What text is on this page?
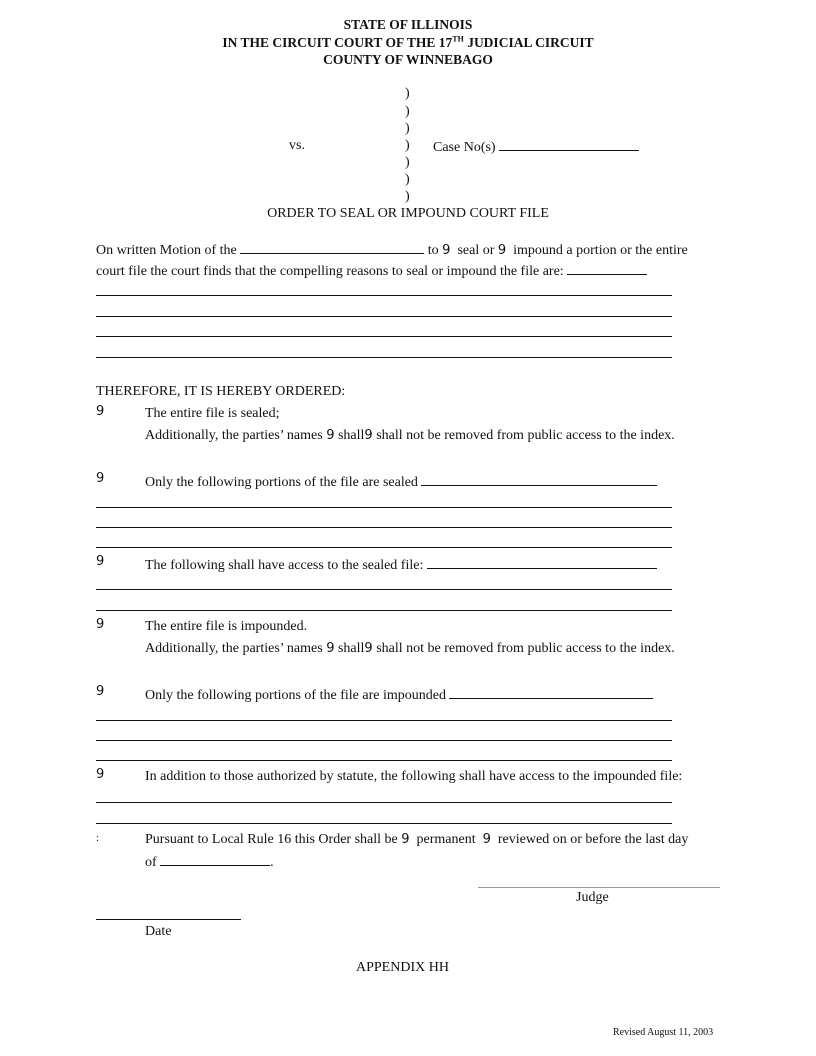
STATE OF ILLINOIS
IN THE CIRCUIT COURT OF THE 17TH JUDICIAL CIRCUIT
COUNTY OF WINNEBAGO
)
)
)
)
)
)
)
vs.	Case No(s)
ORDER TO SEAL OR IMPOUND COURT FILE
On written Motion of the	to 9 seal or 9 impound a portion or the entire
court file the court finds that the compelling reasons to seal or impound the file are:
THEREFORE, IT IS HEREBY ORDERED:
9	The entire file is sealed;
Additionally, the parties’ names 9 shall9 shall not be removed from public access to the index.
9	Only the following portions of the file are sealed
9	The following shall have access to the sealed file:
9	The entire file is impounded.
Additionally, the parties’ names 9 shall9 shall not be removed from public access to the index.
9	Only the following portions of the file are impounded
9	In addition to those authorized by statute, the following shall have access to the impounded file:
:	Pursuant to Local Rule 16 this Order shall be 9 permanent 9 reviewed on or before the last day
of	.
Judge
Date
APPENDIX HH
Revised August 11, 2003
